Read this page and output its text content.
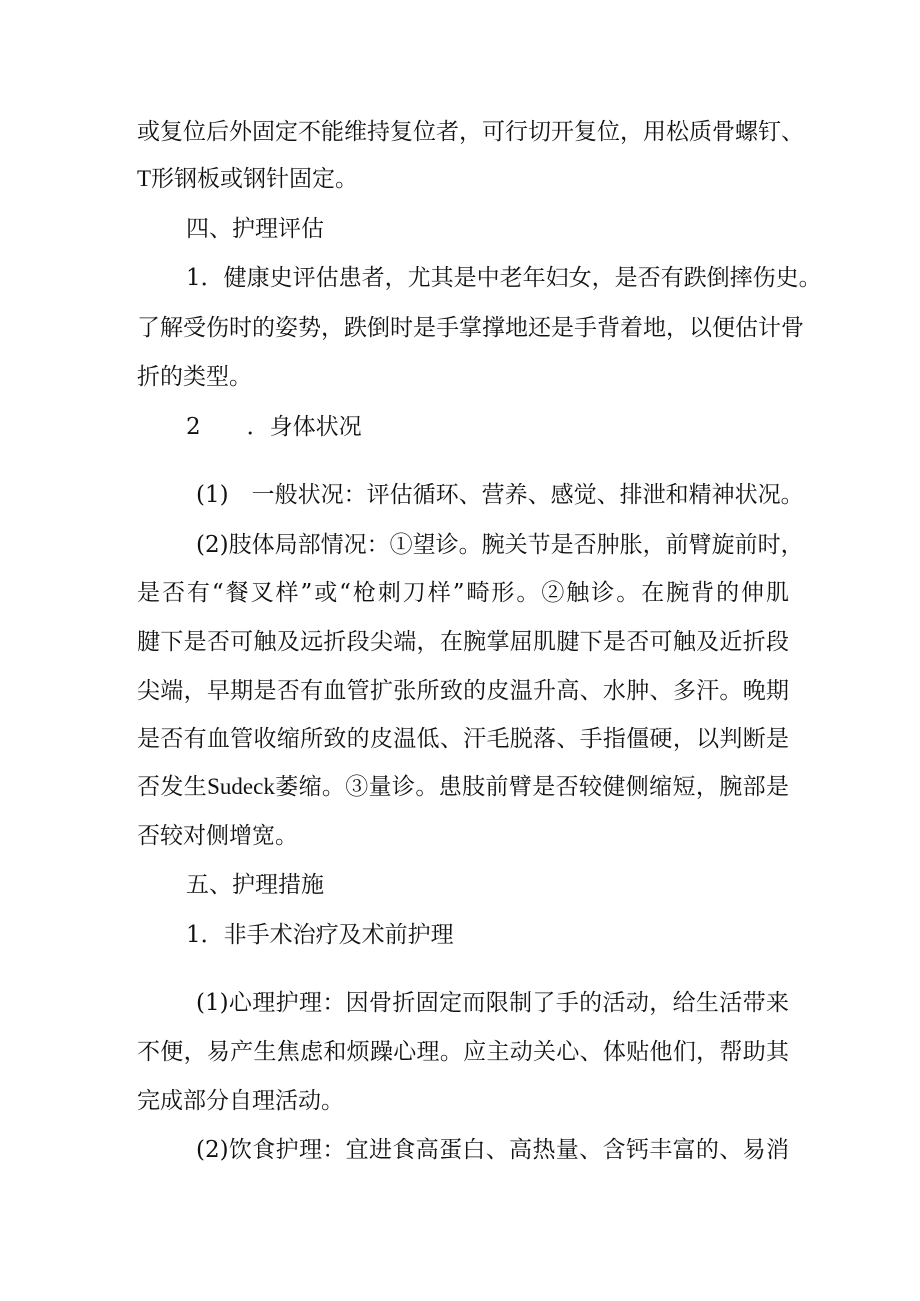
或复位后外固定不能维持复位者，可行切开复位，用松质骨螺钉、
T形钢板或钢针固定。
四、护理评估
1．健康史评估患者，尤其是中老年妇女，是否有跌倒摔伤史。
了解受伤时的姿势，跌倒时是手掌撑地还是手背着地，以便估计骨
折的类型。
2　　．身体状况
(1)　一般状况：评估循环、营养、感觉、排泄和精神状况。
(2)肢体局部情况：①望诊。腕关节是否肿胀，前臂旋前时，
是否有“餐叉样”或“枪刺刀样”畸形。②触诊。在腕背的伸肌
腱下是否可触及远折段尖端，在腕掌屈肌腱下是否可触及近折段
尖端，早期是否有血管扩张所致的皮温升高、水肿、多汗。晚期
是否有血管收缩所致的皮温低、汗毛脱落、手指僵硬，以判断是
否发生Sudeck萎缩。③量诊。患肢前臂是否较健侧缩短，腕部是
否较对侧增宽。
五、护理措施
1．非手术治疗及术前护理
(1)心理护理：因骨折固定而限制了手的活动，给生活带来
不便，易产生焦虑和烦躁心理。应主动关心、体贴他们，帮助其
完成部分自理活动。
(2)饮食护理：宜进食高蛋白、高热量、含钙丰富的、易消
